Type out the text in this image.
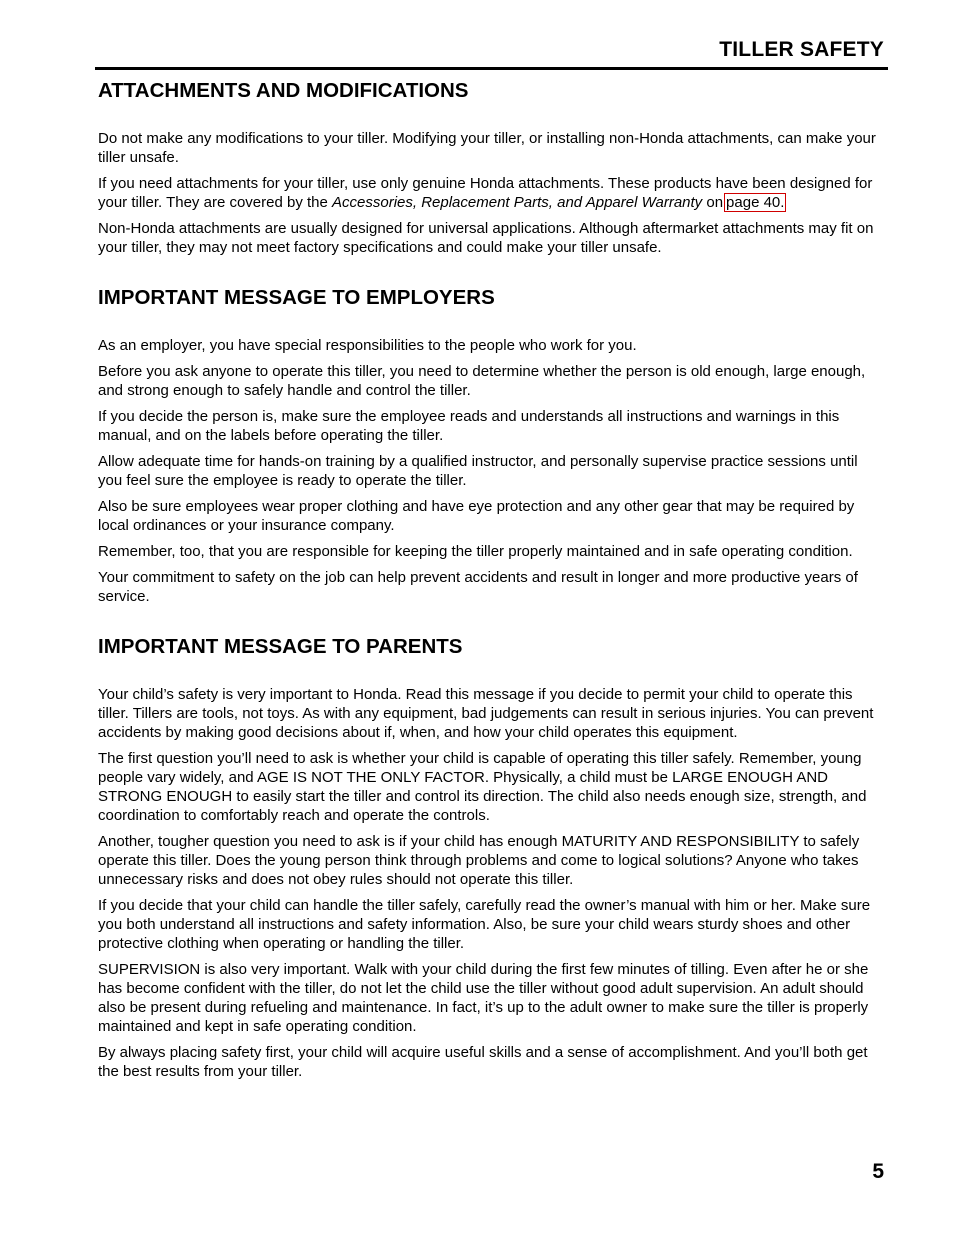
TILLER SAFETY
ATTACHMENTS AND MODIFICATIONS

Do not make any modifications to your tiller. Modifying your tiller, or installing non-Honda attachments, can make your tiller unsafe.

If you need attachments for your tiller, use only genuine Honda attachments. These products have been designed for your tiller. They are covered by the Accessories, Replacement Parts, and Apparel Warranty on page 40.

Non-Honda attachments are usually designed for universal applications. Although aftermarket attachments may fit on your tiller, they may not meet factory specifications and could make your tiller unsafe.

IMPORTANT MESSAGE TO EMPLOYERS

As an employer, you have special responsibilities to the people who work for you.

Before you ask anyone to operate this tiller, you need to determine whether the person is old enough, large enough, and strong enough to safely handle and control the tiller.

If you decide the person is, make sure the employee reads and understands all instructions and warnings in this manual, and on the labels before operating the tiller.

Allow adequate time for hands-on training by a qualified instructor, and personally supervise practice sessions until you feel sure the employee is ready to operate the tiller.

Also be sure employees wear proper clothing and have eye protection and any other gear that may be required by local ordinances or your insurance company.

Remember, too, that you are responsible for keeping the tiller properly maintained and in safe operating condition.

Your commitment to safety on the job can help prevent accidents and result in longer and more productive years of service.

IMPORTANT MESSAGE TO PARENTS

Your child’s safety is very important to Honda. Read this message if you decide to permit your child to operate this tiller. Tillers are tools, not toys. As with any equipment, bad judgements can result in serious injuries. You can prevent accidents by making good decisions about if, when, and how your child operates this equipment.

The first question you’ll need to ask is whether your child is capable of operating this tiller safely. Remember, young people vary widely, and AGE IS NOT THE ONLY FACTOR. Physically, a child must be LARGE ENOUGH AND STRONG ENOUGH to easily start the tiller and control its direction. The child also needs enough size, strength, and coordination to comfortably reach and operate the controls.

Another, tougher question you need to ask is if your child has enough MATURITY AND RESPONSIBILITY to safely operate this tiller. Does the young person think through problems and come to logical solutions? Anyone who takes unnecessary risks and does not obey rules should not operate this tiller.

If you decide that your child can handle the tiller safely, carefully read the owner’s manual with him or her. Make sure you both understand all instructions and safety information. Also, be sure your child wears sturdy shoes and other protective clothing when operating or handling the tiller.

SUPERVISION is also very important. Walk with your child during the first few minutes of tilling. Even after he or she has become confident with the tiller, do not let the child use the tiller without good adult supervision. An adult should also be present during refueling and maintenance. In fact, it’s up to the adult owner to make sure the tiller is properly maintained and kept in safe operating condition.

By always placing safety first, your child will acquire useful skills and a sense of accomplishment. And you’ll both get the best results from your tiller.

5
